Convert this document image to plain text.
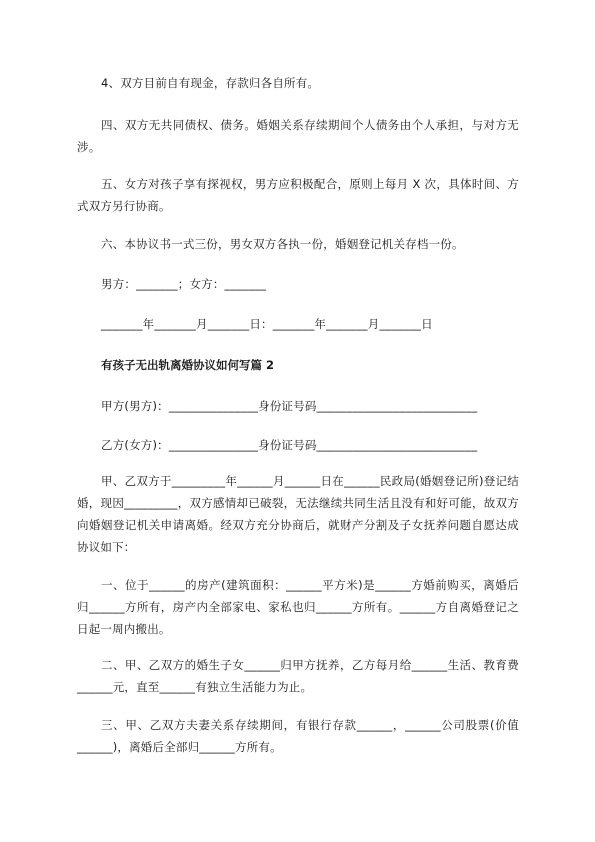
4、双方目前自有现金，存款归各自所有。

四、双方无共同债权、债务。婚姻关系存续期间个人债务由个人承担，与对方无涉。

五、女方对孩子享有探视权，男方应积极配合，原则上每月 X 次，具体时间、方式双方另行协商。

六、本协议书一式三份，男女双方各执一份，婚姻登记机关存档一份。

男方：_______；女方：_______

_______年_______月_______日：_______年_______月_______日

有孩子无出轨离婚协议如何写篇 2

甲方(男方)：_______________身份证号码___________________________

乙方(女方)：_______________身份证号码___________________________

甲、乙双方于_________年______月______日在______民政局(婚姻登记所)登记结婚，现因_________，双方感情却已破裂，无法继续共同生活且没有和好可能，故双方向婚姻登记机关申请离婚。经双方充分协商后，就财产分割及子女抚养问题自愿达成协议如下：

一、位于______的房产(建筑面积：______平方米)是______方婚前购买，离婚后归______方所有，房产内全部家电、家私也归______方所有。______方自离婚登记之日起一周内搬出。

二、甲、乙双方的婚生子女______归甲方抚养，乙方每月给______生活、教育费______元，直至______有独立生活能力为止。

三、甲、乙双方夫妻关系存续期间，有银行存款______，______公司股票(价值______)，离婚后全部归______方所有。
